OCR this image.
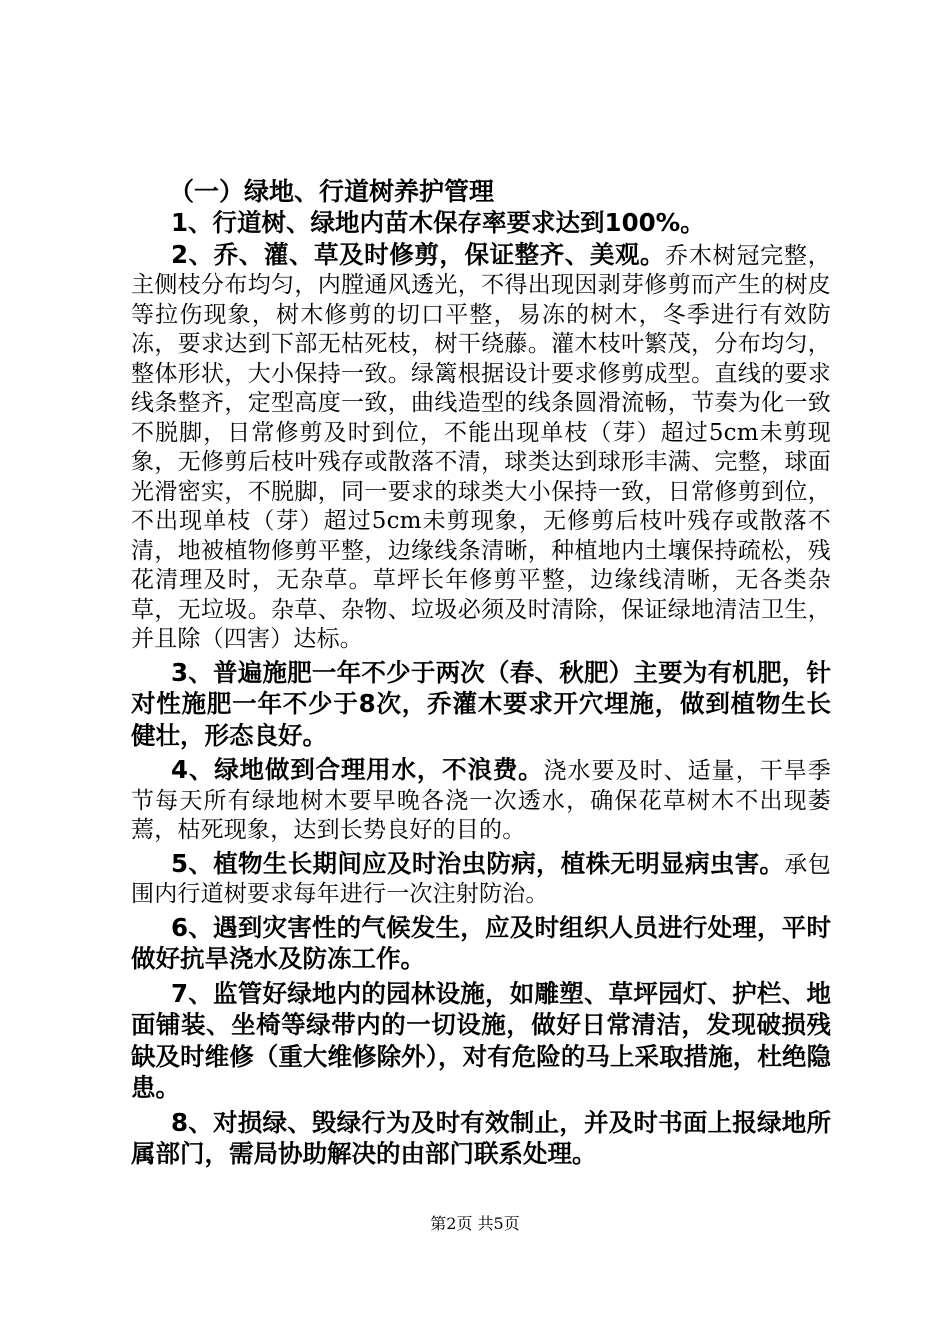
（一）绿地、行道树养护管理

1、行道树、绿地内苗木保存率要求达到100%。

2、乔、灌、草及时修剪，保证整齐、美观。乔木树冠完整，主侧枝分布均匀，内膛通风透光，不得出现因剥芽修剪而产生的树皮等拉伤现象，树木修剪的切口平整，易冻的树木，冬季进行有效防冻，要求达到下部无枯死枝，树干绕藤。灌木枝叶繁茂，分布均匀，整体形状，大小保持一致。绿篱根据设计要求修剪成型。直线的要求线条整齐，定型高度一致，曲线造型的线条圆滑流畅，节奏为化一致不脱脚，日常修剪及时到位，不能出现单枝（芽）超过5cm未剪现象，无修剪后枝叶残存或散落不清，球类达到球形丰满、完整，球面光滑密实，不脱脚，同一要求的球类大小保持一致，日常修剪到位，不出现单枝（芽）超过5cm未剪现象，无修剪后枝叶残存或散落不清，地被植物修剪平整，边缘线条清晰，种植地内土壤保持疏松，残花清理及时，无杂草。草坪长年修剪平整，边缘线清晰，无各类杂草，无垃圾。杂草、杂物、垃圾必须及时清除，保证绿地清洁卫生，并且除（四害）达标。

3、普遍施肥一年不少于两次（春、秋肥）主要为有机肥，针对性施肥一年不少于8次，乔灌木要求开穴埋施，做到植物生长健壮，形态良好。

4、绿地做到合理用水，不浪费。浇水要及时、适量，干旱季节每天所有绿地树木要早晚各浇一次透水，确保花草树木不出现萎蔫，枯死现象，达到长势良好的目的。

5、植物生长期间应及时治虫防病，植株无明显病虫害。承包围内行道树要求每年进行一次注射防治。

6、遇到灾害性的气候发生，应及时组织人员进行处理，平时做好抗旱浇水及防冻工作。

7、监管好绿地内的园林设施，如雕塑、草坪园灯、护栏、地面铺装、坐椅等绿带内的一切设施，做好日常清洁，发现破损残缺及时维修（重大维修除外），对有危险的马上采取措施，杜绝隐患。

8、对损绿、毁绿行为及时有效制止，并及时书面上报绿地所属部门，需局协助解决的由部门联系处理。

第2页 共5页
